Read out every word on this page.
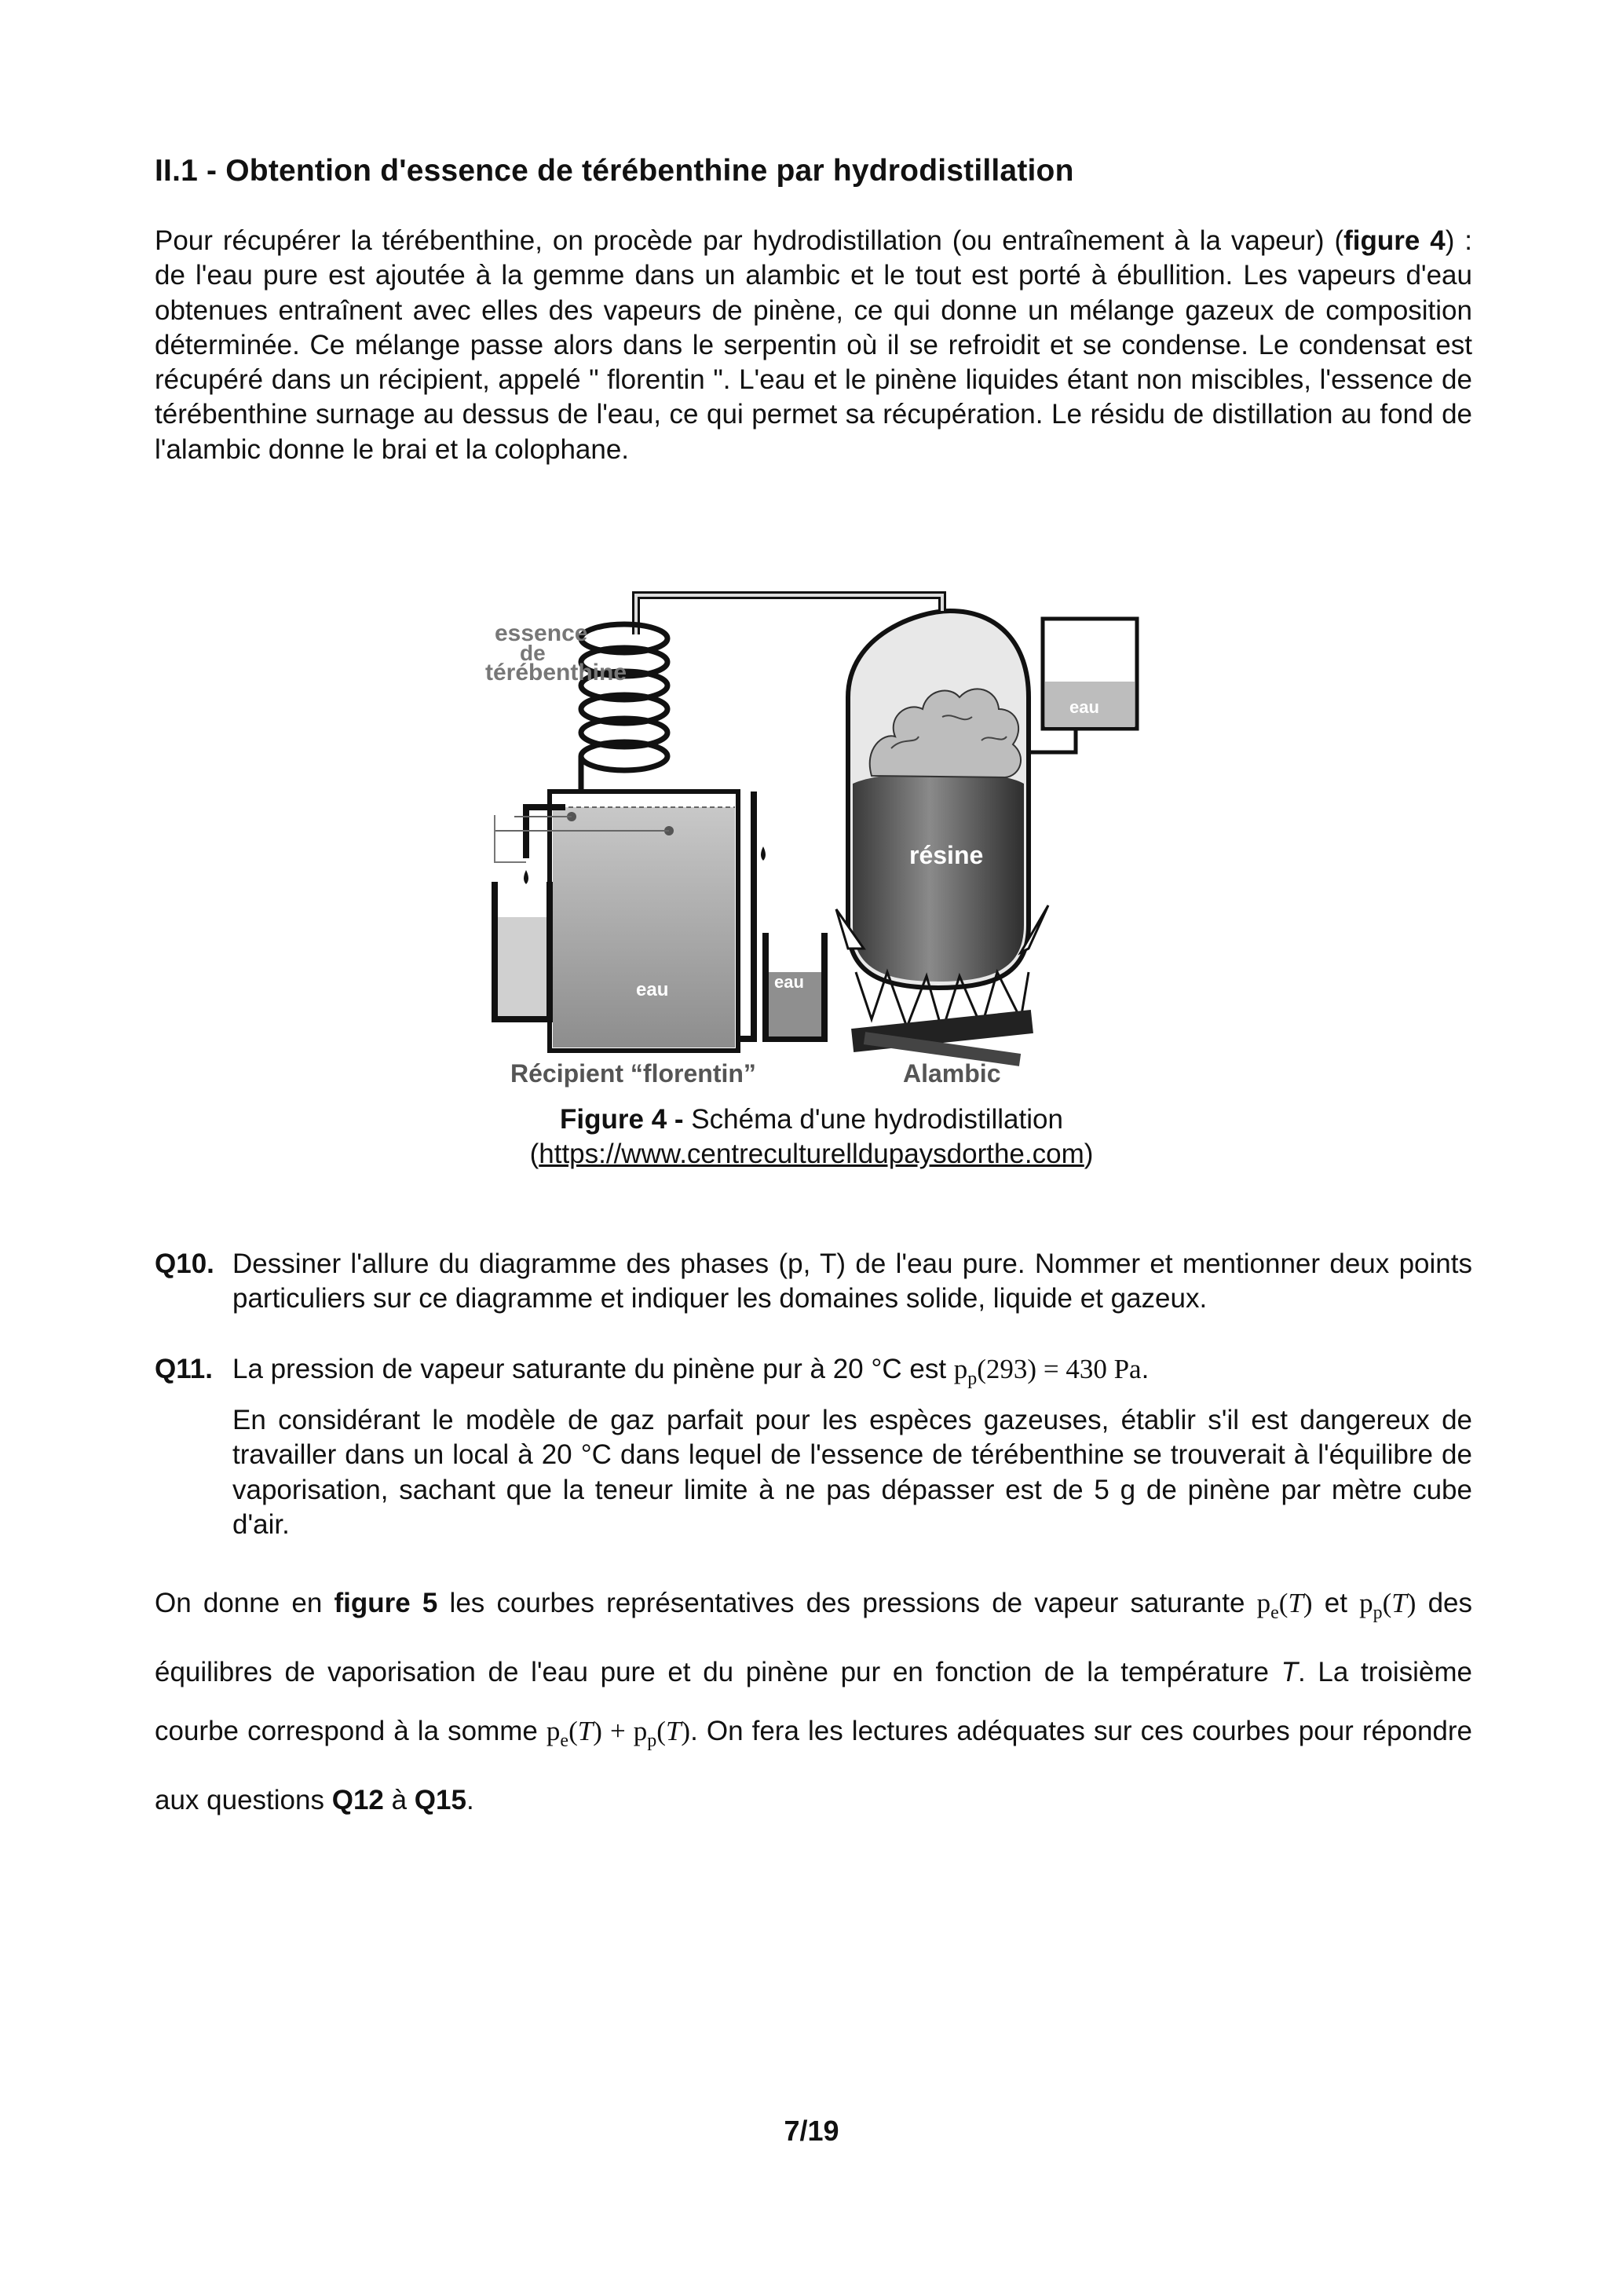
II.1 - Obtention d'essence de térébenthine par hydrodistillation
Pour récupérer la térébenthine, on procède par hydrodistillation (ou entraînement à la vapeur) (figure 4) : de l'eau pure est ajoutée à la gemme dans un alambic et le tout est porté à ébullition. Les vapeurs d'eau obtenues entraînent avec elles des vapeurs de pinène, ce qui donne un mélange gazeux de composition déterminée. Ce mélange passe alors dans le serpentin où il se refroidit et se condense. Le condensat est récupéré dans un récipient, appelé " florentin ". L'eau et le pinène liquides étant non miscibles, l'essence de térébenthine surnage au dessus de l'eau, ce qui permet sa récupération. Le résidu de distillation au fond de l'alambic donne le brai et la colophane.
essence
de
térébenthine
eau	eau
eau
résine
Récipient “florentin”	Alambic
Figure 4 - Schéma d'une hydrodistillation
(https://www.centreculturelldupaysdorthe.com)
Q10. Dessiner l'allure du diagramme des phases (p, T) de l'eau pure. Nommer et mentionner deux points particuliers sur ce diagramme et indiquer les domaines solide, liquide et gazeux.
Q11. La pression de vapeur saturante du pinène pur à 20 °C est $p_p(293) = 430$ Pa.
En considérant le modèle de gaz parfait pour les espèces gazeuses, établir s'il est dangereux de travailler dans un local à 20 °C dans lequel de l'essence de térébenthine se trouverait à l'équilibre de vaporisation, sachant que la teneur limite à ne pas dépasser est de 5 g de pinène par mètre cube d'air.
On donne en figure 5 les courbes représentatives des pressions de vapeur saturante $p_e(T)$ et $p_p(T)$ des équilibres de vaporisation de l'eau pure et du pinène pur en fonction de la température T. La troisième courbe correspond à la somme $p_e(T) + p_p(T)$. On fera les lectures adéquates sur ces courbes pour répondre aux questions Q12 à Q15.
7/19
